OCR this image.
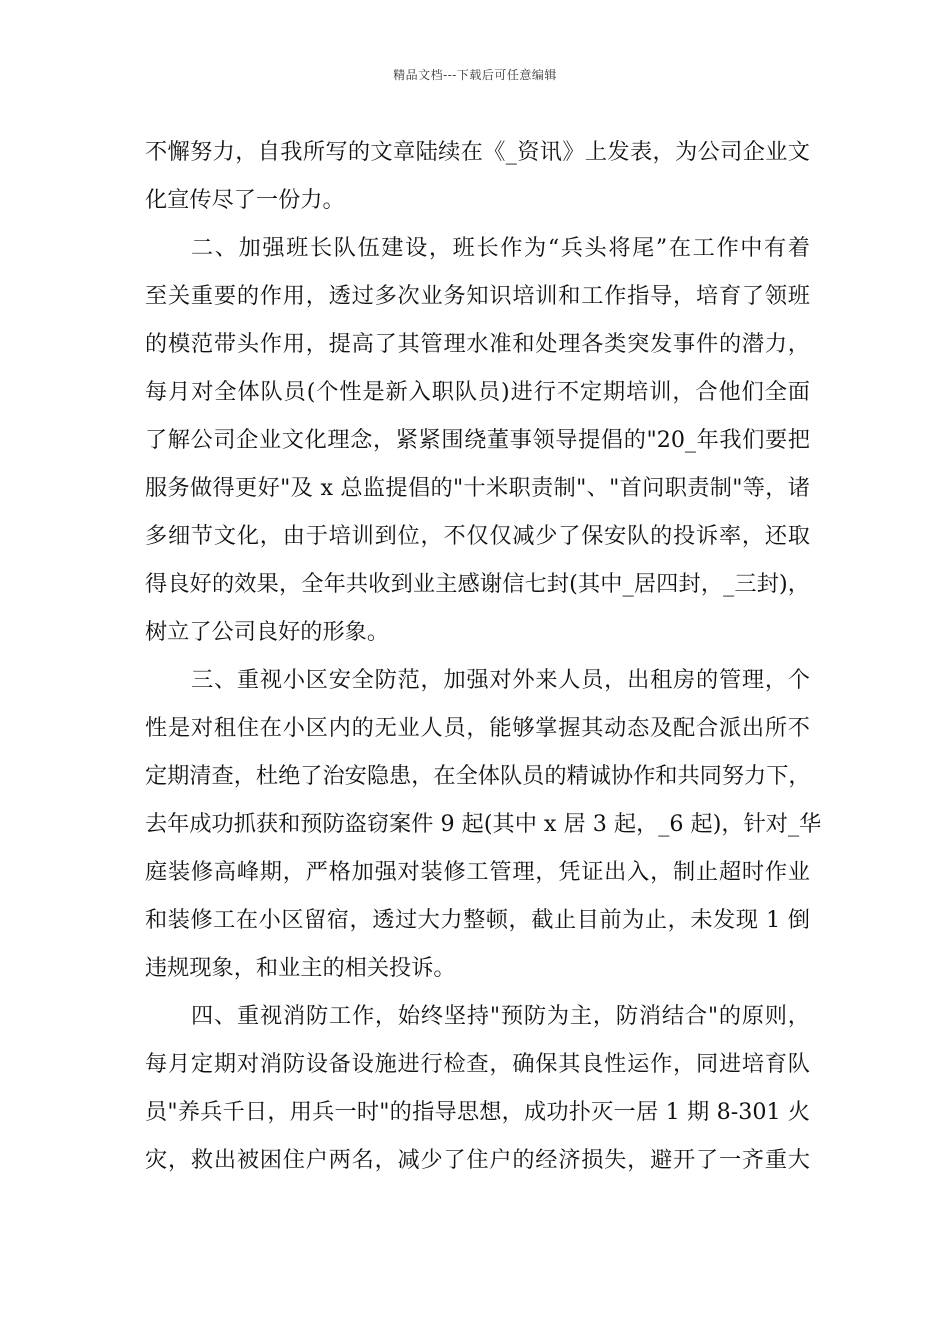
精品文档---下载后可任意编辑
不懈努力，自我所写的文章陆续在《_资讯》上发表，为公司企业文
化宣传尽了一份力。
二、加强班长队伍建设，班长作为“兵头将尾”在工作中有着
至关重要的作用，透过多次业务知识培训和工作指导，培育了领班
的模范带头作用，提高了其管理水准和处理各类突发事件的潜力，
每月对全体队员(个性是新入职队员)进行不定期培训，合他们全面
了解公司企业文化理念，紧紧围绕董事领导提倡的"20_年我们要把
服务做得更好"及 x 总监提倡的"十米职责制"、"首问职责制"等，诸
多细节文化，由于培训到位，不仅仅减少了保安队的投诉率，还取
得良好的效果，全年共收到业主感谢信七封(其中_居四封，_三封)，
树立了公司良好的形象。
三、重视小区安全防范，加强对外来人员，出租房的管理，个
性是对租住在小区内的无业人员，能够掌握其动态及配合派出所不
定期清查，杜绝了治安隐患，在全体队员的精诚协作和共同努力下，
去年成功抓获和预防盗窃案件 9 起(其中 x 居 3 起，_6 起)，针对_华
庭装修高峰期，严格加强对装修工管理，凭证出入，制止超时作业
和装修工在小区留宿，透过大力整顿，截止目前为止，未发现 1 倒
违规现象，和业主的相关投诉。
四、重视消防工作，始终坚持"预防为主，防消结合"的原则，
每月定期对消防设备设施进行检查，确保其良性运作，同进培育队
员"养兵千日，用兵一时"的指导思想，成功扑灭一居 1 期 8-301 火
灾，救出被困住户两名，减少了住户的经济损失，避开了一齐重大
